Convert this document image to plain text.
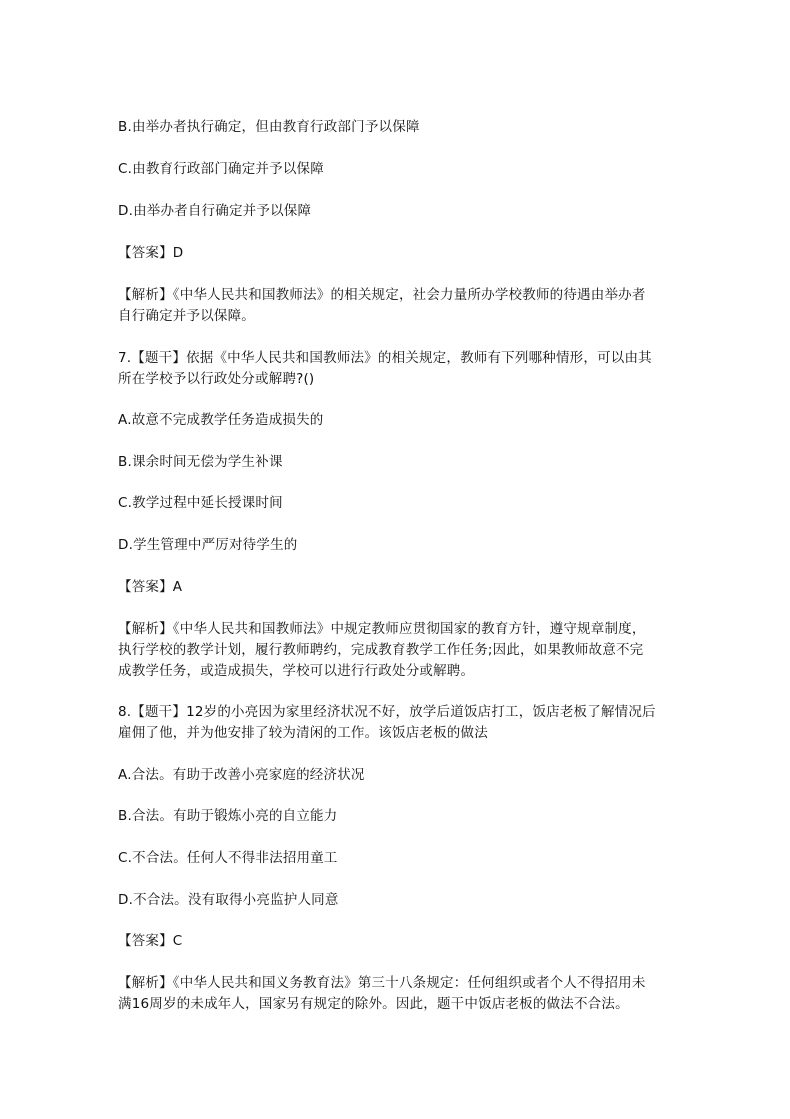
B.由举办者执行确定，但由教育行政部门予以保障
C.由教育行政部门确定并予以保障
D.由举办者自行确定并予以保障
【答案】D
【解析】《中华人民共和国教师法》的相关规定，社会力量所办学校教师的待遇由举办者
自行确定并予以保障。
7.【题干】依据《中华人民共和国教师法》的相关规定，教师有下列哪种情形，可以由其
所在学校予以行政处分或解聘?()
A.故意不完成教学任务造成损失的
B.课余时间无偿为学生补课
C.教学过程中延长授课时间
D.学生管理中严厉对待学生的
【答案】A
【解析】《中华人民共和国教师法》中规定教师应贯彻国家的教育方针，遵守规章制度，
执行学校的教学计划，履行教师聘约，完成教育教学工作任务;因此，如果教师故意不完
成教学任务，或造成损失，学校可以进行行政处分或解聘。
8.【题干】12岁的小亮因为家里经济状况不好，放学后道饭店打工，饭店老板了解情况后
雇佣了他，并为他安排了较为清闲的工作。该饭店老板的做法
A.合法。有助于改善小亮家庭的经济状况
B.合法。有助于锻炼小亮的自立能力
C.不合法。任何人不得非法招用童工
D.不合法。没有取得小亮监护人同意
【答案】C
【解析】《中华人民共和国义务教育法》第三十八条规定：任何组织或者个人不得招用未
满16周岁的未成年人，国家另有规定的除外。因此，题干中饭店老板的做法不合法。
